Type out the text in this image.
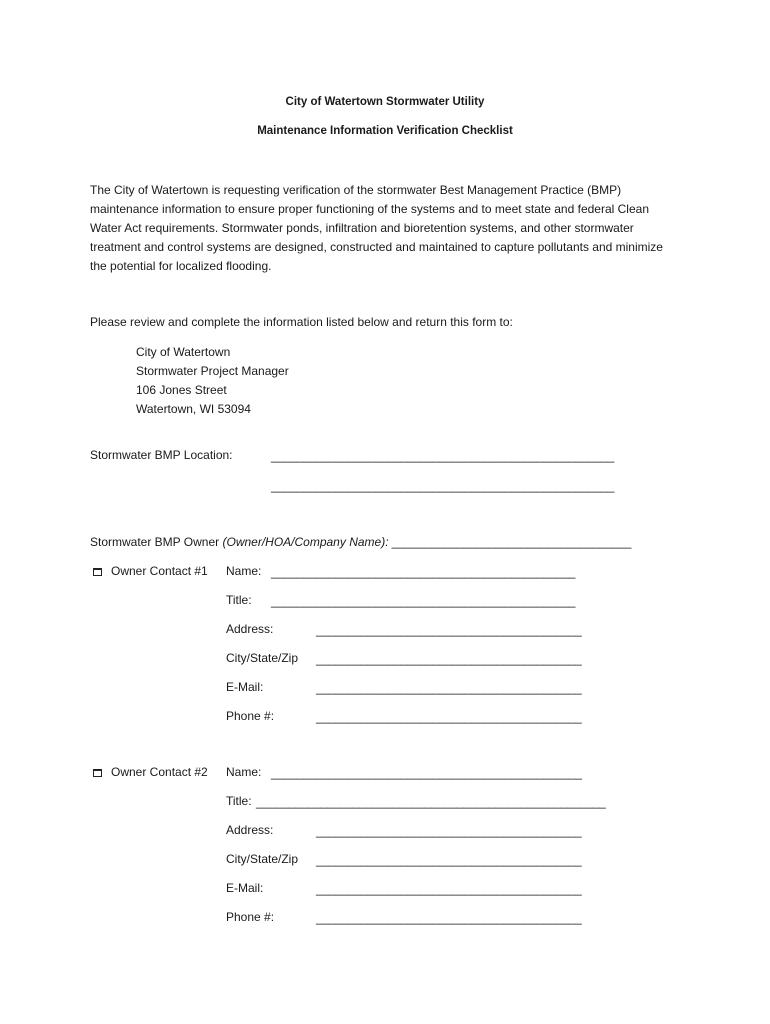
City of Watertown Stormwater Utility
Maintenance Information Verification Checklist
The City of Watertown is requesting verification of the stormwater Best Management Practice (BMP) maintenance information to ensure proper functioning of the systems and to meet state and federal Clean Water Act requirements. Stormwater ponds, infiltration and bioretention systems, and other stormwater treatment and control systems are designed, constructed and maintained to capture pollutants and minimize the potential for localized flooding.
Please review and complete the information listed below and return this form to:
City of Watertown
Stormwater Project Manager
106 Jones Street
Watertown, WI 53094
Stormwater BMP Location:	_____________________________________________________
_____________________________________________________
Stormwater BMP Owner (Owner/HOA/Company Name): _____________________________________
Owner Contact #1 Name: _______________________________________________
Title: _______________________________________________
Address:	_________________________________________
City/State/Zip _________________________________________
E-Mail:	_________________________________________
Phone #:	_________________________________________
Owner Contact #2 Name: ________________________________________________
Title: ______________________________________________________
Address:	_________________________________________
City/State/Zip _________________________________________
E-Mail:	_________________________________________
Phone #:	_________________________________________
